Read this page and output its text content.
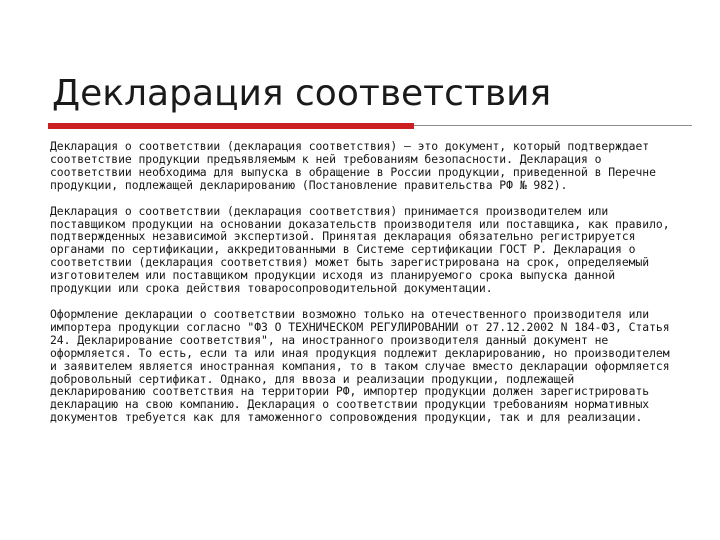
Декларация соответствия

Декларация о соответствии (декларация соответствия) – это документ, который подтверждает соответствие продукции предъявляемым к ней требованиям безопасности. Декларация о соответствии необходима для выпуска в обращение в России продукции, приведенной в Перечне продукции, подлежащей декларированию (Постановление правительства РФ № 982).

Декларация о соответствии (декларация соответствия) принимается производителем или поставщиком продукции на основании доказательств производителя или поставщика, как правило, подтвержденных независимой экспертизой. Принятая декларация обязательно регистрируется органами по сертификации, аккредитованными в Системе сертификации ГОСТ Р. Декларация о соответствии (декларация соответствия) может быть зарегистрирована на срок, определяемый изготовителем или поставщиком продукции исходя из планируемого срока выпуска данной продукции или срока действия товаросопроводительной документации.

Оформление декларации о соответствии возможно только на отечественного производителя или импортера продукции согласно "ФЗ О ТЕХНИЧЕСКОМ РЕГУЛИРОВАНИИ от 27.12.2002 N 184-ФЗ, Статья 24. Декларирование соответствия", на иностранного производителя данный документ не оформляется. То есть, если та или иная продукция подлежит декларированию, но производителем и заявителем является иностранная компания, то в таком случае вместо декларации оформляется добровольный сертификат. Однако, для ввоза и реализации продукции, подлежащей декларированию соответствия на территории РФ, импортер продукции должен зарегистрировать декларацию на свою компанию. Декларация о соответствии продукции требованиям нормативных документов требуется как для таможенного сопровождения продукции, так и для реализации.
